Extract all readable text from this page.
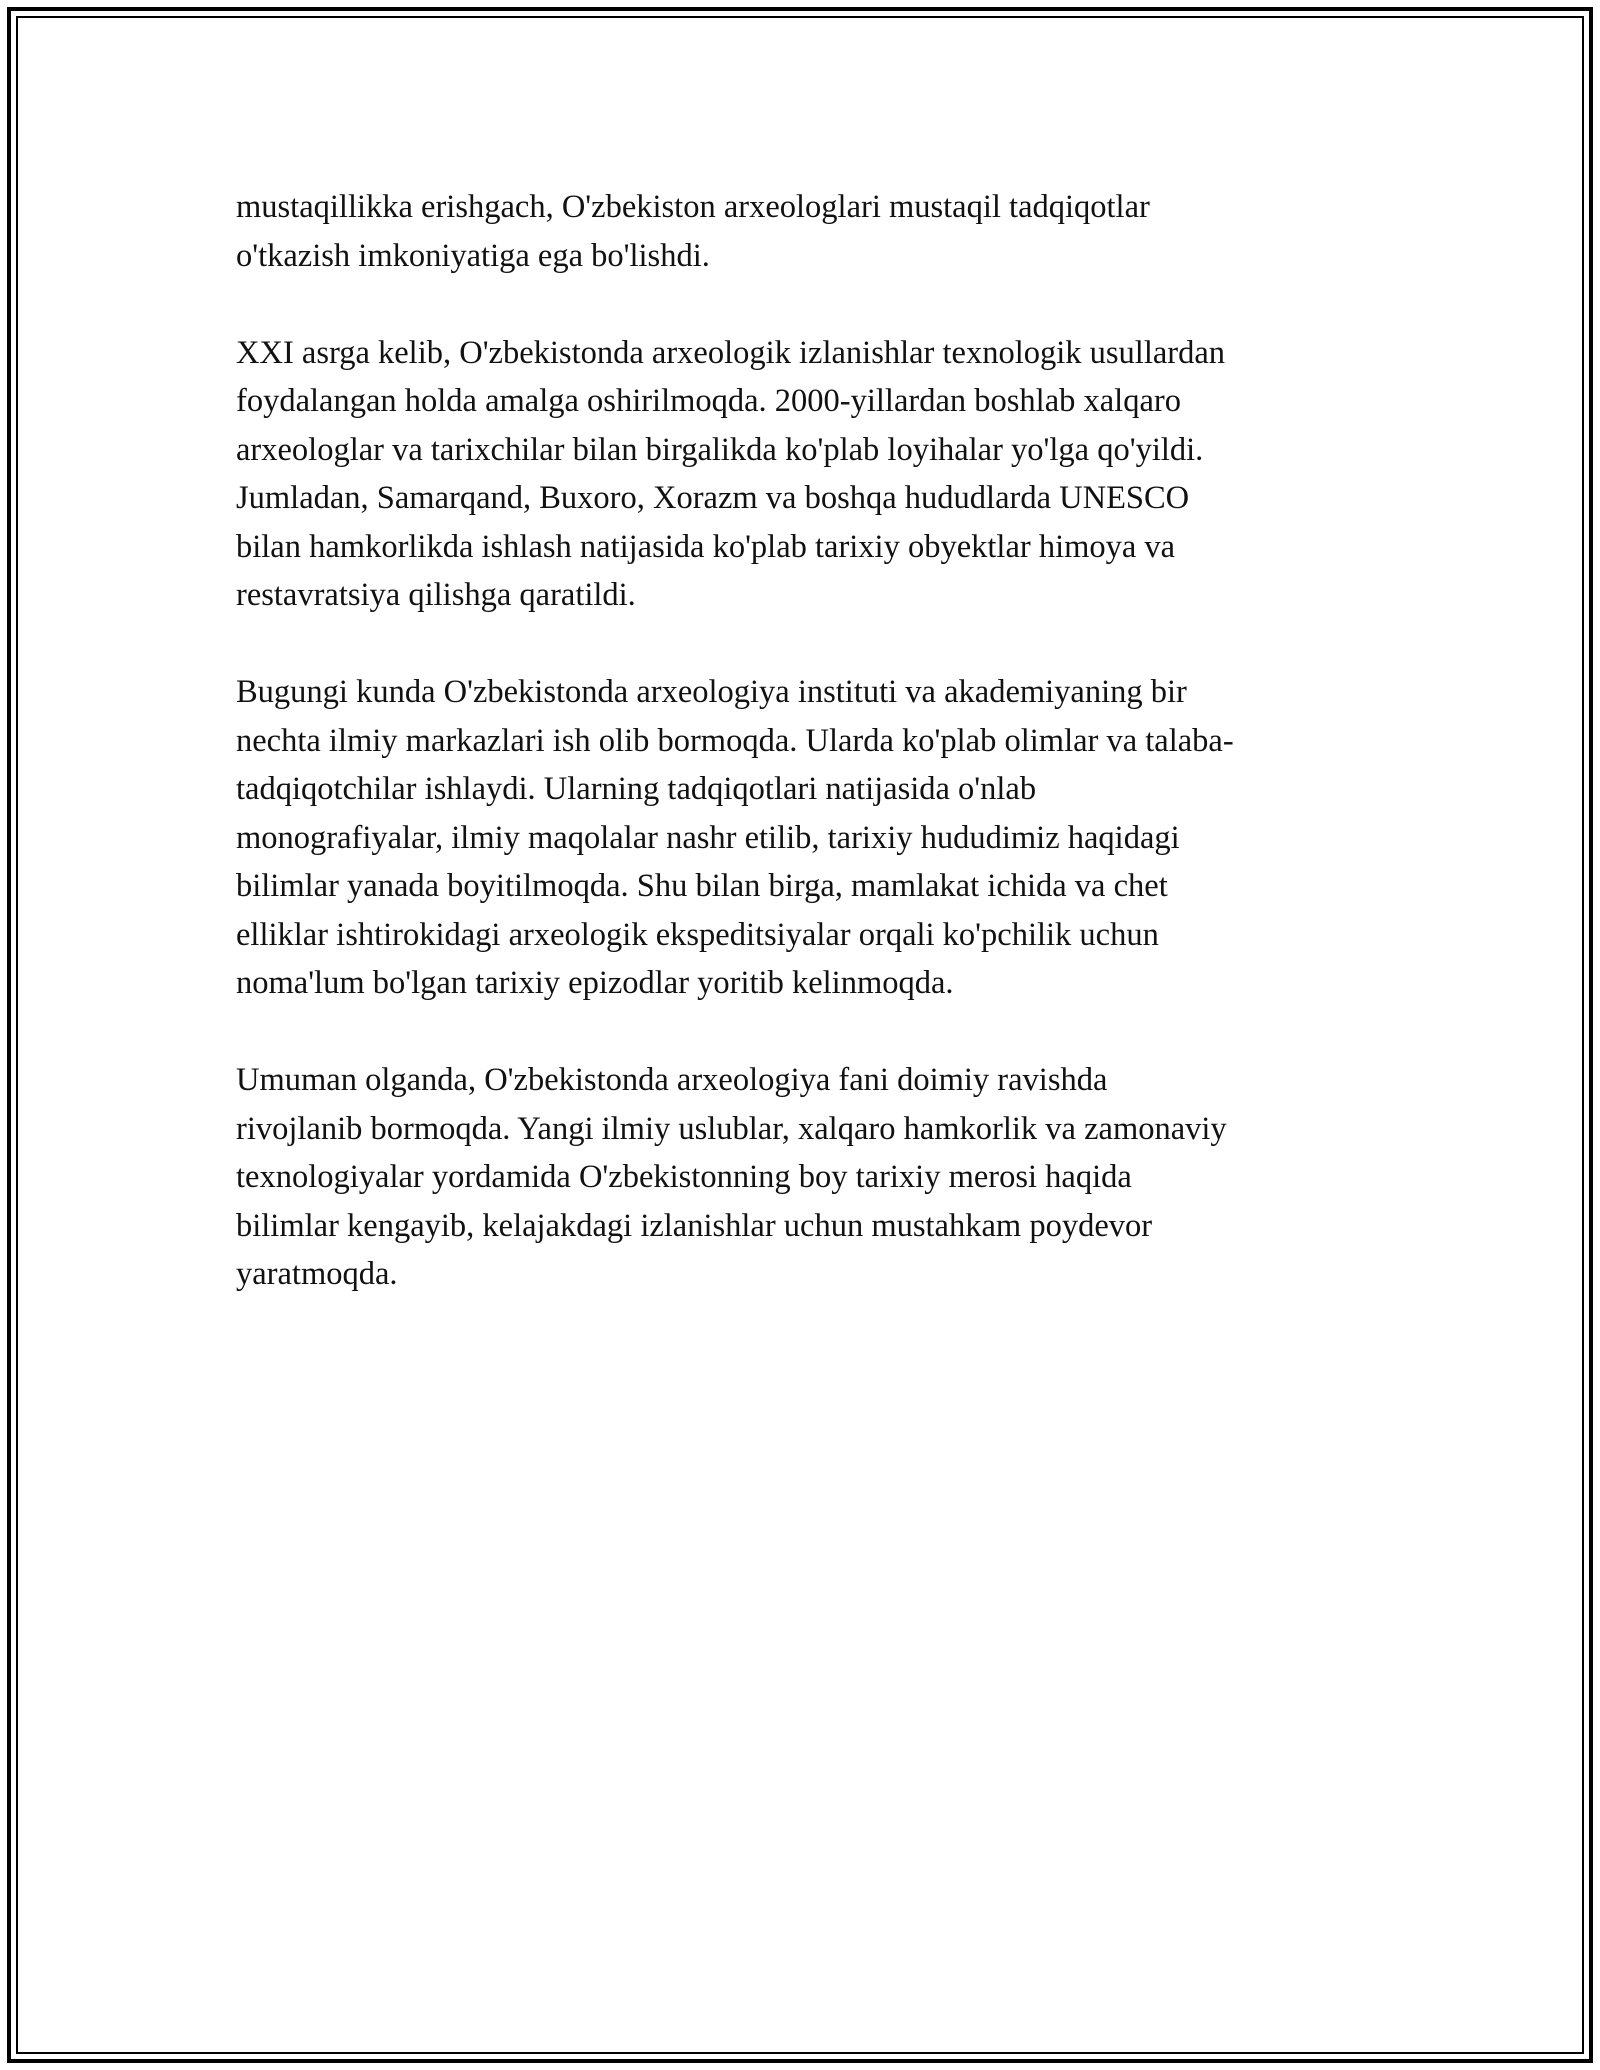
mustaqillikka erishgach, O'zbekiston arxeologlari mustaqil tadqiqotlar
o'tkazish imkoniyatiga ega bo'lishdi.

XXI asrga kelib, O'zbekistonda arxeologik izlanishlar texnologik usullardan
foydalangan holda amalga oshirilmoqda. 2000-yillardan boshlab xalqaro
arxeologlar va tarixchilar bilan birgalikda ko'plab loyihalar yo'lga qo'yildi.
Jumladan, Samarqand, Buxoro, Xorazm va boshqa hududlarda UNESCO
bilan hamkorlikda ishlash natijasida ko'plab tarixiy obyektlar himoya va
restavratsiya qilishga qaratildi.

Bugungi kunda O'zbekistonda arxeologiya instituti va akademiyaning bir
nechta ilmiy markazlari ish olib bormoqda. Ularda ko'plab olimlar va talaba-
tadqiqotchilar ishlaydi. Ularning tadqiqotlari natijasida o'nlab
monografiyalar, ilmiy maqolalar nashr etilib, tarixiy hududimiz haqidagi
bilimlar yanada boyitilmoqda. Shu bilan birga, mamlakat ichida va chet
elliklar ishtirokidagi arxeologik ekspeditsiyalar orqali ko'pchilik uchun
noma'lum bo'lgan tarixiy epizodlar yoritib kelinmoqda.

Umuman olganda, O'zbekistonda arxeologiya fani doimiy ravishda
rivojlanib bormoqda. Yangi ilmiy uslublar, xalqaro hamkorlik va zamonaviy
texnologiyalar yordamida O'zbekistonning boy tarixiy merosi haqida
bilimlar kengayib, kelajakdagi izlanishlar uchun mustahkam poydevor
yaratmoqda.
